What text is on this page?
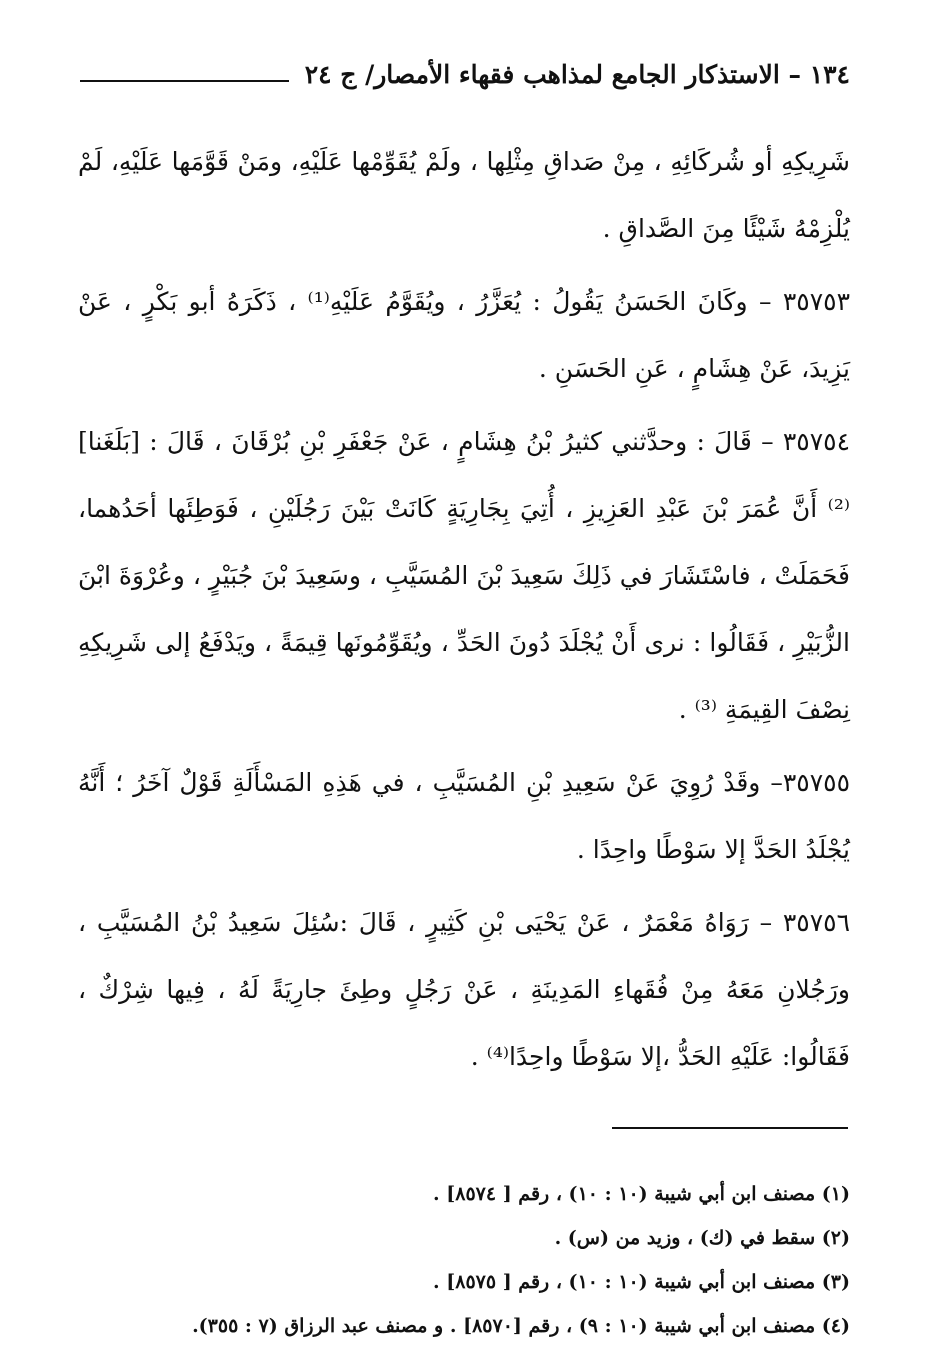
١٣٤ – الاستذكار الجامع لمذاهب فقهاء الأمصار/ ج ٢٤

شَرِيكِهِ أو شُركَائِهِ ، مِنْ صَداقِ مِثْلِها ، ولَمْ يُقَوِّمْها عَلَيْهِ، ومَنْ قَوَّمَها عَلَيْهِ، لَمْ يُلْزِمْهُ شَيْئًا مِنَ الصَّداقِ .

٣٥٧٥٣ – وكَانَ الحَسَنُ يَقُولُ : يُعَزَّرُ ، ويُقَوَّمُ عَلَيْهِ⁽¹⁾ ، ذَكَرَهُ أبو بَكْرٍ ، عَنْ يَزِيدَ، عَنْ هِشَامٍ ، عَنِ الحَسَنِ .

٣٥٧٥٤ – قَالَ : وحدَّثني كثيرُ بْنُ هِشَامٍ ، عَنْ جَعْفَرِ بْنِ بُرْقَانَ ، قَالَ : [بَلَغَنا]⁽²⁾ أَنَّ عُمَرَ بْنَ عَبْدِ العَزِيزِ ، أُتِيَ بِجَارِيَةٍ كَانَتْ بَيْنَ رَجُلَيْنِ ، فَوَطِئَها أحَدُهما، فَحَمَلَتْ ، فاسْتَشَارَ في ذَلِكَ سَعِيدَ بْنَ المُسَيَّبِ ، وسَعِيدَ بْنَ جُبَيْرٍ ، وعُرْوَةَ ابْنَ الزُّبَيْرِ ، فَقَالُوا : نرى أَنْ يُجْلَدَ دُونَ الحَدِّ ، ويُقَوِّمُونَها قِيمَةً ، ويَدْفَعُ إلى شَرِيكِهِ نِصْفَ القِيمَةِ ⁽³⁾ .

٣٥٧٥٥– وقَدْ رُوِيَ عَنْ سَعِيدِ بْنِ المُسَيَّبِ ، في هَذِهِ المَسْأَلَةِ قَوْلٌ آخَرُ ؛ أَنَّهُ يُجْلَدُ الحَدَّ إلا سَوْطًا واحِدًا .

٣٥٧٥٦ – رَوَاهُ مَعْمَرٌ ، عَنْ يَحْيَى بْنِ كَثِيرٍ ، قَالَ :سُئِلَ سَعِيدُ بْنُ المُسَيَّبِ ، ورَجُلانِ مَعَهُ مِنْ فُقَهاءِ المَدِينَةِ ، عَنْ رَجُلٍ وطِئَ جارِيَةً لَهُ ، فِيها شِرْكٌ ، فَقَالُوا: عَلَيْهِ الحَدُّ ،إلا سَوْطًا واحِدًا⁽⁴⁾ .

(١) مصنف ابن أبي شيبة (١٠ : ١٠) ، رقم [ ٨٥٧٤] .

(٢) سقط في (ك) ، وزيد من (س) .

(٣) مصنف ابن أبي شيبة (١٠ : ١٠) ، رقم [ ٨٥٧٥] .

(٤) مصنف ابن أبي شيبة (١٠ : ٩) ، رقم [٨٥٧٠] . و مصنف عبد الرزاق (٧ : ٣٥٥).
